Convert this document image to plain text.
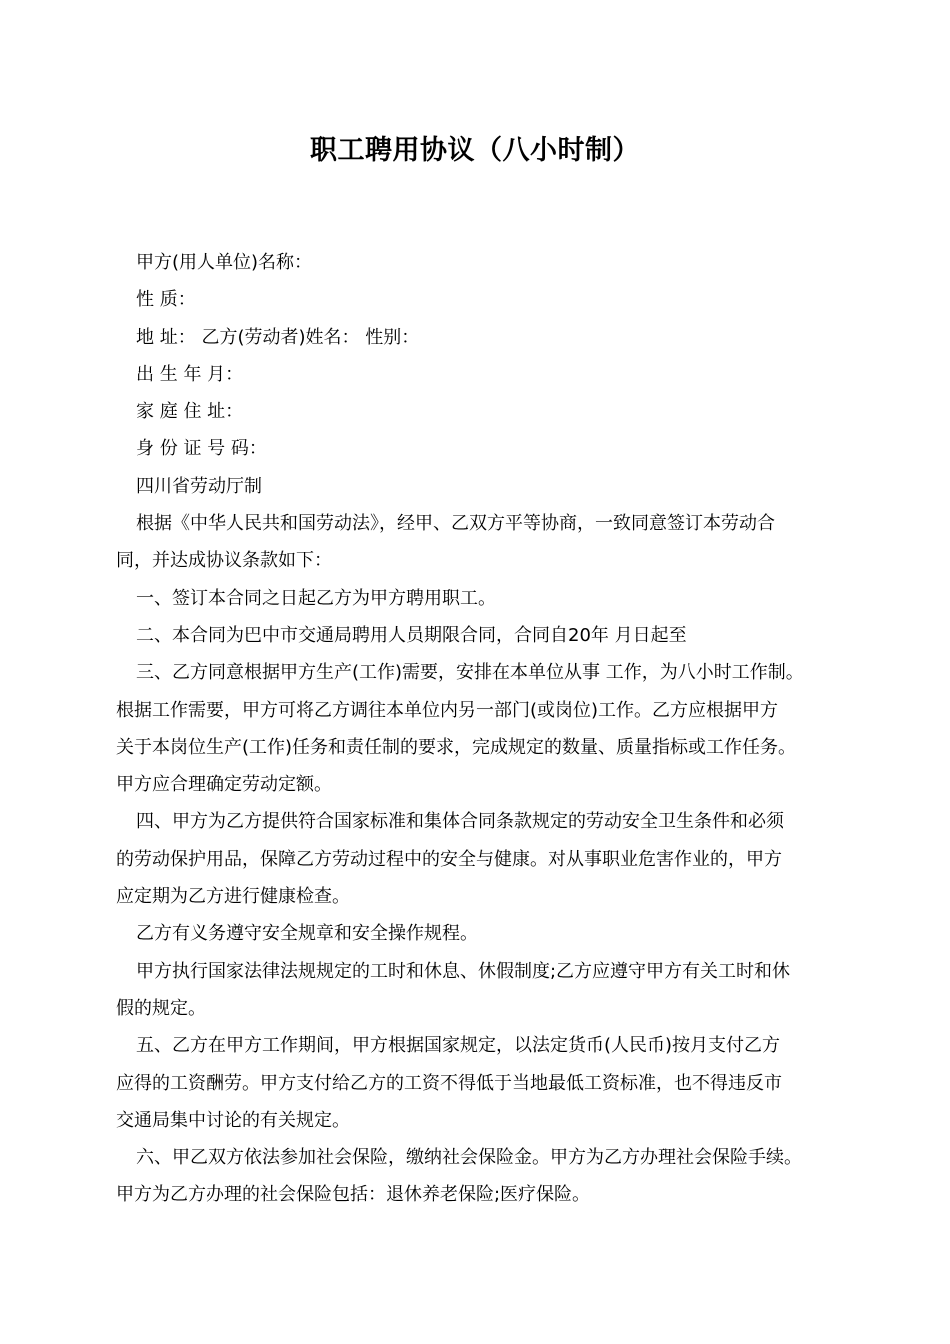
职工聘用协议（八小时制）
甲方(用人单位)名称：
性 质：
地 址： 乙方(劳动者)姓名： 性别：
出 生 年 月：
家 庭 住 址：
身 份 证 号 码：
四川省劳动厅制
根据《中华人民共和国劳动法》，经甲、乙双方平等协商，一致同意签订本劳动合
同，并达成协议条款如下：
一、签订本合同之日起乙方为甲方聘用职工。
二、本合同为巴中市交通局聘用人员期限合同，合同自20年 月日起至
三、乙方同意根据甲方生产(工作)需要，安排在本单位从事 工作，为八小时工作制。
根据工作需要，甲方可将乙方调往本单位内另一部门(或岗位)工作。乙方应根据甲方
关于本岗位生产(工作)任务和责任制的要求，完成规定的数量、质量指标或工作任务。
甲方应合理确定劳动定额。
四、甲方为乙方提供符合国家标准和集体合同条款规定的劳动安全卫生条件和必须
的劳动保护用品，保障乙方劳动过程中的安全与健康。对从事职业危害作业的，甲方
应定期为乙方进行健康检查。
乙方有义务遵守安全规章和安全操作规程。
甲方执行国家法律法规规定的工时和休息、休假制度;乙方应遵守甲方有关工时和休
假的规定。
五、乙方在甲方工作期间，甲方根据国家规定，以法定货币(人民币)按月支付乙方
应得的工资酬劳。甲方支付给乙方的工资不得低于当地最低工资标准，也不得违反市
交通局集中讨论的有关规定。
六、甲乙双方依法参加社会保险，缴纳社会保险金。甲方为乙方办理社会保险手续。
甲方为乙方办理的社会保险包括：退休养老保险;医疗保险。
